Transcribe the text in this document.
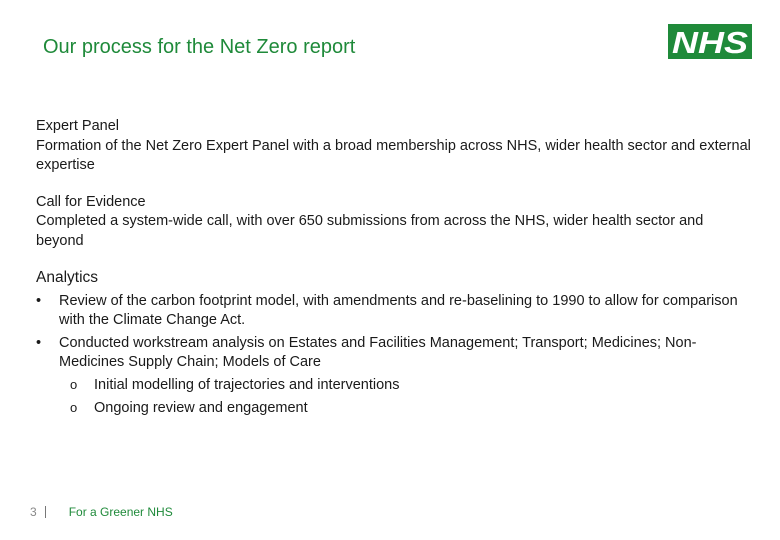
Our process for the Net Zero report	NHS
Expert Panel
Formation of the Net Zero Expert Panel with a broad membership across NHS, wider health sector and external expertise
Call for Evidence
Completed a system-wide call, with over 650 submissions from across the NHS, wider health sector and beyond
Analytics
• Review of the carbon footprint model, with amendments and re-baselining to 1990 to allow for comparison with the Climate Change Act.
• Conducted workstream analysis on Estates and Facilities Management; Transport; Medicines; Non-Medicines Supply Chain; Models of Care
o Initial modelling of trajectories and interventions
o Ongoing review and engagement
3	For a Greener NHS
